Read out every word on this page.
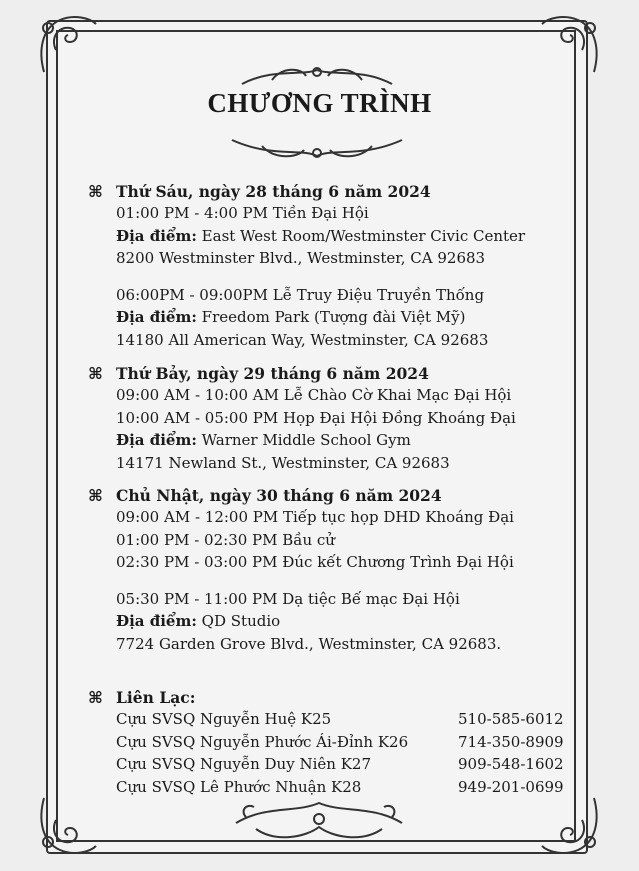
CHƯƠNG TRÌNH
⌘ Thứ Sáu, ngày 28 tháng 6 năm 2024
01:00 PM - 4:00 PM Tiền Đại Hội
Địa điểm: East West Room/Westminster Civic Center
8200 Westminster Blvd., Westminster, CA 92683
06:00PM - 09:00PM Lễ Truy Điệu Truyền Thống
Địa điểm: Freedom Park (Tượng đài Việt Mỹ)
14180 All American Way, Westminster, CA 92683
⌘ Thứ Bảy, ngày 29 tháng 6 năm 2024
09:00 AM - 10:00 AM Lễ Chào Cờ Khai Mạc Đại Hội
10:00 AM - 05:00 PM Họp Đại Hội Đồng Khoáng Đại
Địa điểm: Warner Middle School Gym
14171 Newland St., Westminster, CA 92683
⌘ Chủ Nhật, ngày 30 tháng 6 năm 2024
09:00 AM - 12:00 PM Tiếp tục họp DHD Khoáng Đại
01:00 PM - 02:30 PM Bầu cử
02:30 PM - 03:00 PM Đúc kết Chương Trình Đại Hội
05:30 PM - 11:00 PM Dạ tiệc Bế mạc Đại Hội
Địa điểm: QD Studio
7724 Garden Grove Blvd., Westminster, CA 92683.
⌘ Liên Lạc:
Cựu SVSQ Nguyễn Huệ K25	510-585-6012
Cựu SVSQ Nguyễn Phước Ái-Đỉnh K26	714-350-8909
Cựu SVSQ Nguyễn Duy Niên K27	909-548-1602
Cựu SVSQ Lê Phước Nhuận K28	949-201-0699
